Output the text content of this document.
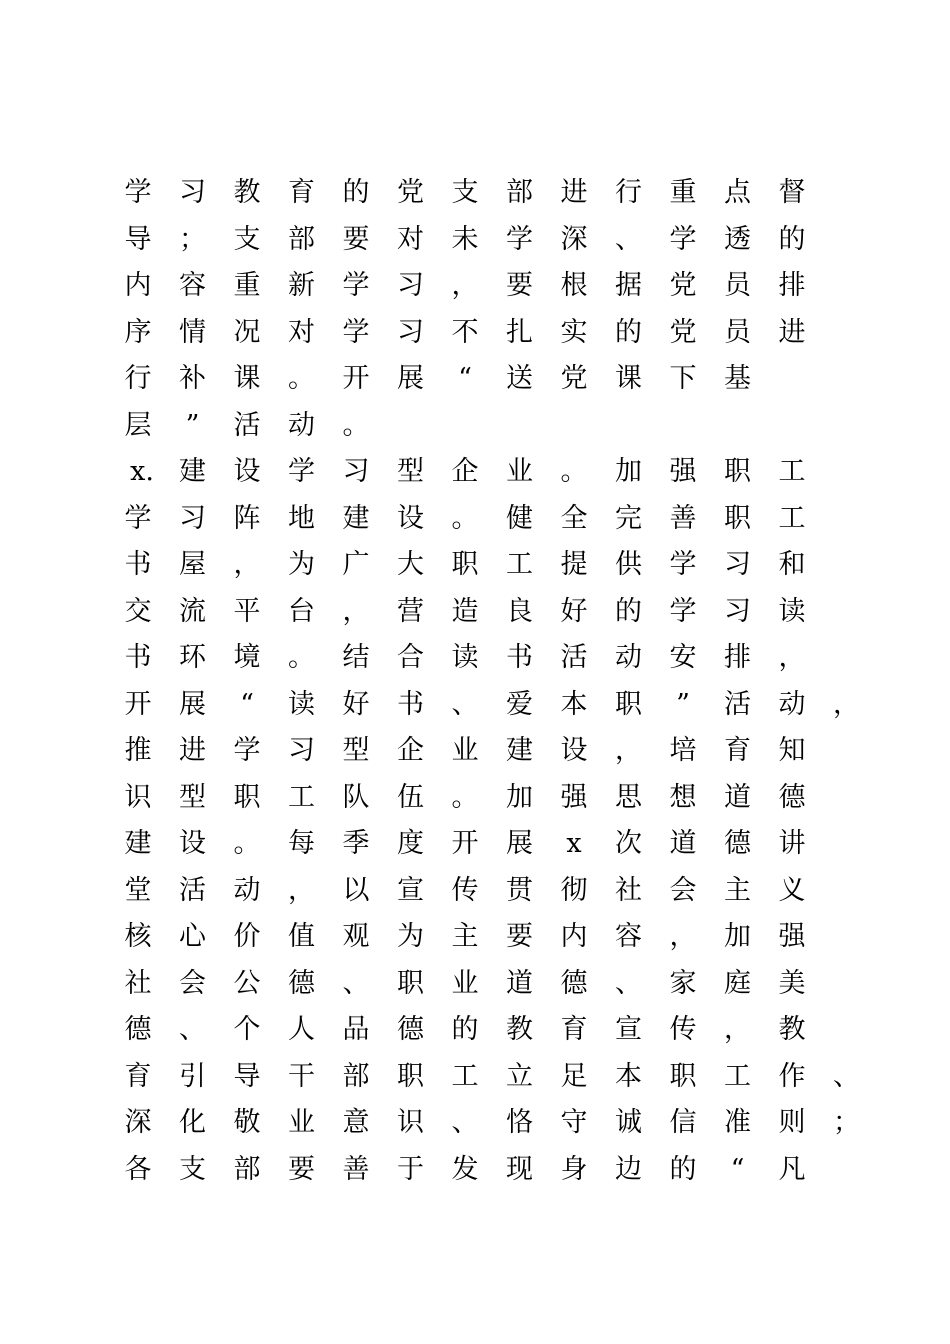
学 习 教 育 的 党 支 部 进 行 重 点 督
导 ； 支 部 要 对 未 学 深 、 学 透 的
内 容 重 新 学 习 ， 要 根 据 党 员 排
序 情 况 对 学 习 不 扎 实 的 党 员 进
行 补 课 。 开 展 “ 送 党 课 下 基
层 ” 活 动 。
x. 建 设 学 习 型 企 业 。 加 强 职 工
学 习 阵 地 建 设 。 健 全 完 善 职 工
书 屋 ， 为 广 大 职 工 提 供 学 习 和
交 流 平 台 ， 营 造 良 好 的 学 习 读
书 环 境 。 结 合 读 书 活 动 安 排 ，
开 展 “ 读 好 书 、 爱 本 职 ” 活 动 ，
推 进 学 习 型 企 业 建 设 ， 培 育 知
识 型 职 工 队 伍 。 加 强 思 想 道 德
建 设 。 每 季 度 开 展 x 次 道 德 讲
堂 活 动 ， 以 宣 传 贯 彻 社 会 主 义
核 心 价 值 观 为 主 要 内 容 ， 加 强
社 会 公 德 、 职 业 道 德 、 家 庭 美
德 、 个 人 品 德 的 教 育 宣 传 ， 教
育 引 导 干 部 职 工 立 足 本 职 工 作 、
深 化 敬 业 意 识 、 恪 守 诚 信 准 则 ；
各 支 部 要 善 于 发 现 身 边 的 “ 凡
